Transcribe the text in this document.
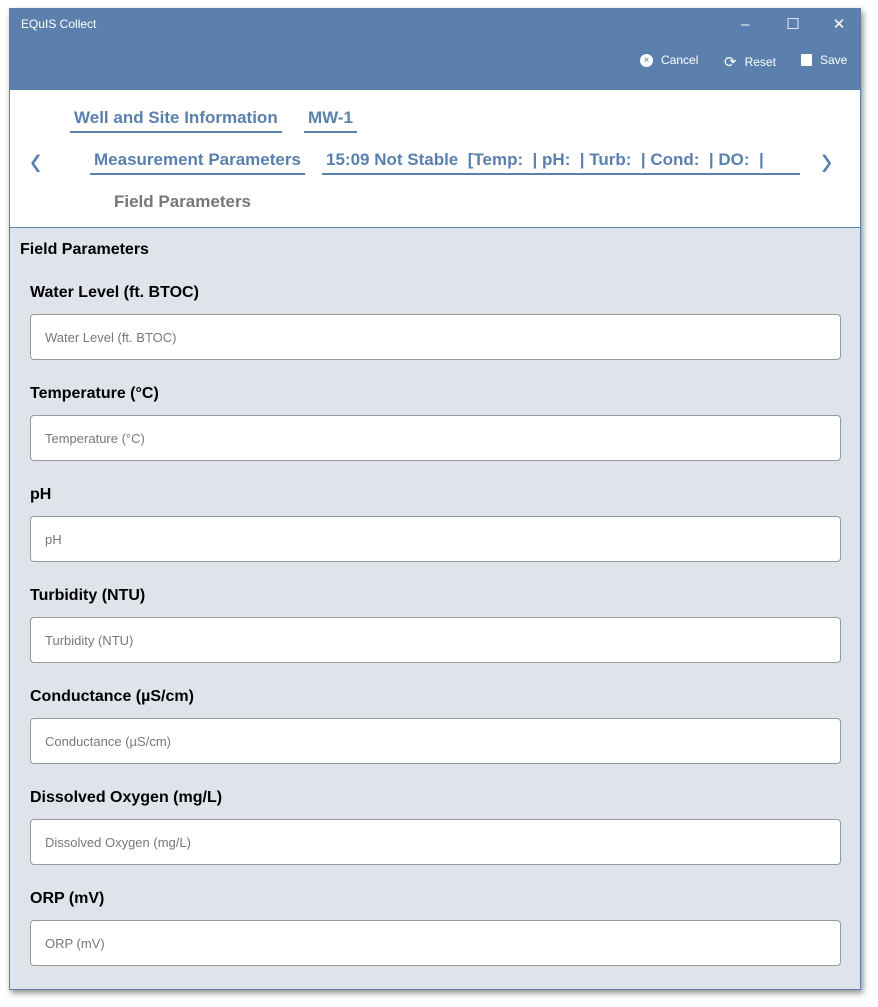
EQuIS Collect	–	☐	✕
× Cancel ⟳ Reset	Save
‹	›
Well and Site Information MW-1
Measurement Parameters 15:09 Not Stable  [Temp:  | pH:  | Turb:  | Cond:  | DO:  |
Field Parameters
Field Parameters
Water Level (ft. BTOC)
Water Level (ft. BTOC)
Temperature (°C)
Temperature (°C)
pH
pH
Turbidity (NTU)
Turbidity (NTU)
Conductance (µS/cm)
Conductance (µS/cm)
Dissolved Oxygen (mg/L)
Dissolved Oxygen (mg/L)
ORP (mV)
ORP (mV)
